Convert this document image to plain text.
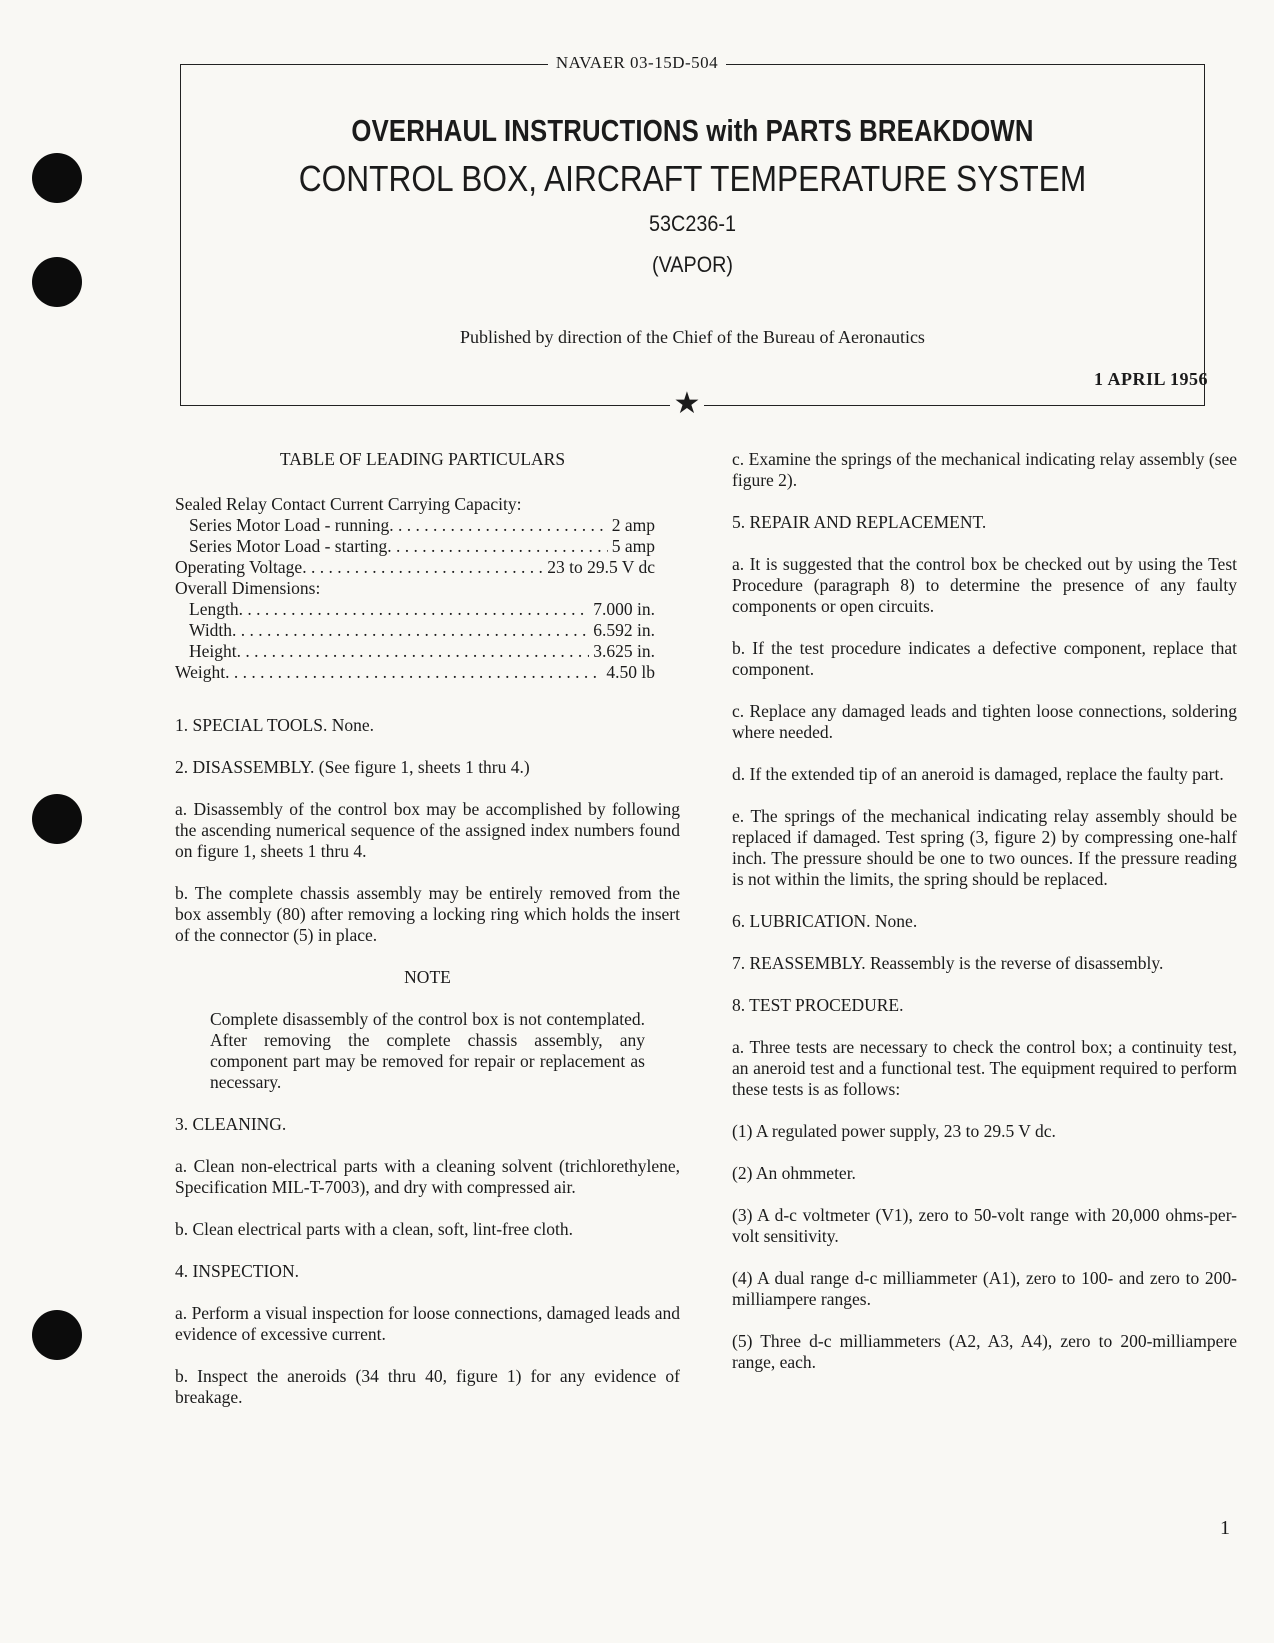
NAVAER 03-15D-504
OVERHAUL INSTRUCTIONS with PARTS BREAKDOWN
CONTROL BOX, AIRCRAFT TEMPERATURE SYSTEM
53C236-1
(VAPOR)
Published by direction of the Chief of the Bureau of Aeronautics
1 APRIL 1956
★

TABLE OF LEADING PARTICULARS

Sealed Relay Contact Current Carrying Capacity:
Series Motor Load - running . . .	2 amp
Series Motor Load - starting . . .	5 amp
Operating Voltage . . .	23 to 29.5 V dc
Overall Dimensions:
Length . . .	7.000 in.
Width . . .	6.592 in.
Height . . .	3.625 in.
Weight . . .	4.50 lb

1. SPECIAL TOOLS. None.

2. DISASSEMBLY. (See figure 1, sheets 1 thru 4.)

a. Disassembly of the control box may be accomplished by following the ascending numerical sequence of the assigned index numbers found on figure 1, sheets 1 thru 4.

b. The complete chassis assembly may be entirely removed from the box assembly (80) after removing a locking ring which holds the insert of the connector (5) in place.

NOTE

Complete disassembly of the control box is not contemplated. After removing the complete chassis assembly, any component part may be removed for repair or replacement as necessary.

3. CLEANING.

a. Clean non-electrical parts with a cleaning solvent (trichlorethylene, Specification MIL-T-7003), and dry with compressed air.

b. Clean electrical parts with a clean, soft, lint-free cloth.

4. INSPECTION.

a. Perform a visual inspection for loose connections, damaged leads and evidence of excessive current.

b. Inspect the aneroids (34 thru 40, figure 1) for any evidence of breakage.

c. Examine the springs of the mechanical indicating relay assembly (see figure 2).

5. REPAIR AND REPLACEMENT.

a. It is suggested that the control box be checked out by using the Test Procedure (paragraph 8) to determine the presence of any faulty components or open circuits.

b. If the test procedure indicates a defective component, replace that component.

c. Replace any damaged leads and tighten loose connections, soldering where needed.

d. If the extended tip of an aneroid is damaged, replace the faulty part.

e. The springs of the mechanical indicating relay assembly should be replaced if damaged. Test spring (3, figure 2) by compressing one-half inch. The pressure should be one to two ounces. If the pressure reading is not within the limits, the spring should be replaced.

6. LUBRICATION. None.

7. REASSEMBLY. Reassembly is the reverse of disassembly.

8. TEST PROCEDURE.

a. Three tests are necessary to check the control box; a continuity test, an aneroid test and a functional test. The equipment required to perform these tests is as follows:

(1) A regulated power supply, 23 to 29.5 V dc.

(2) An ohmmeter.

(3) A d-c voltmeter (V1), zero to 50-volt range with 20,000 ohms-per-volt sensitivity.

(4) A dual range d-c milliammeter (A1), zero to 100- and zero to 200-milliampere ranges.

(5) Three d-c milliammeters (A2, A3, A4), zero to 200-milliampere range, each.

1
